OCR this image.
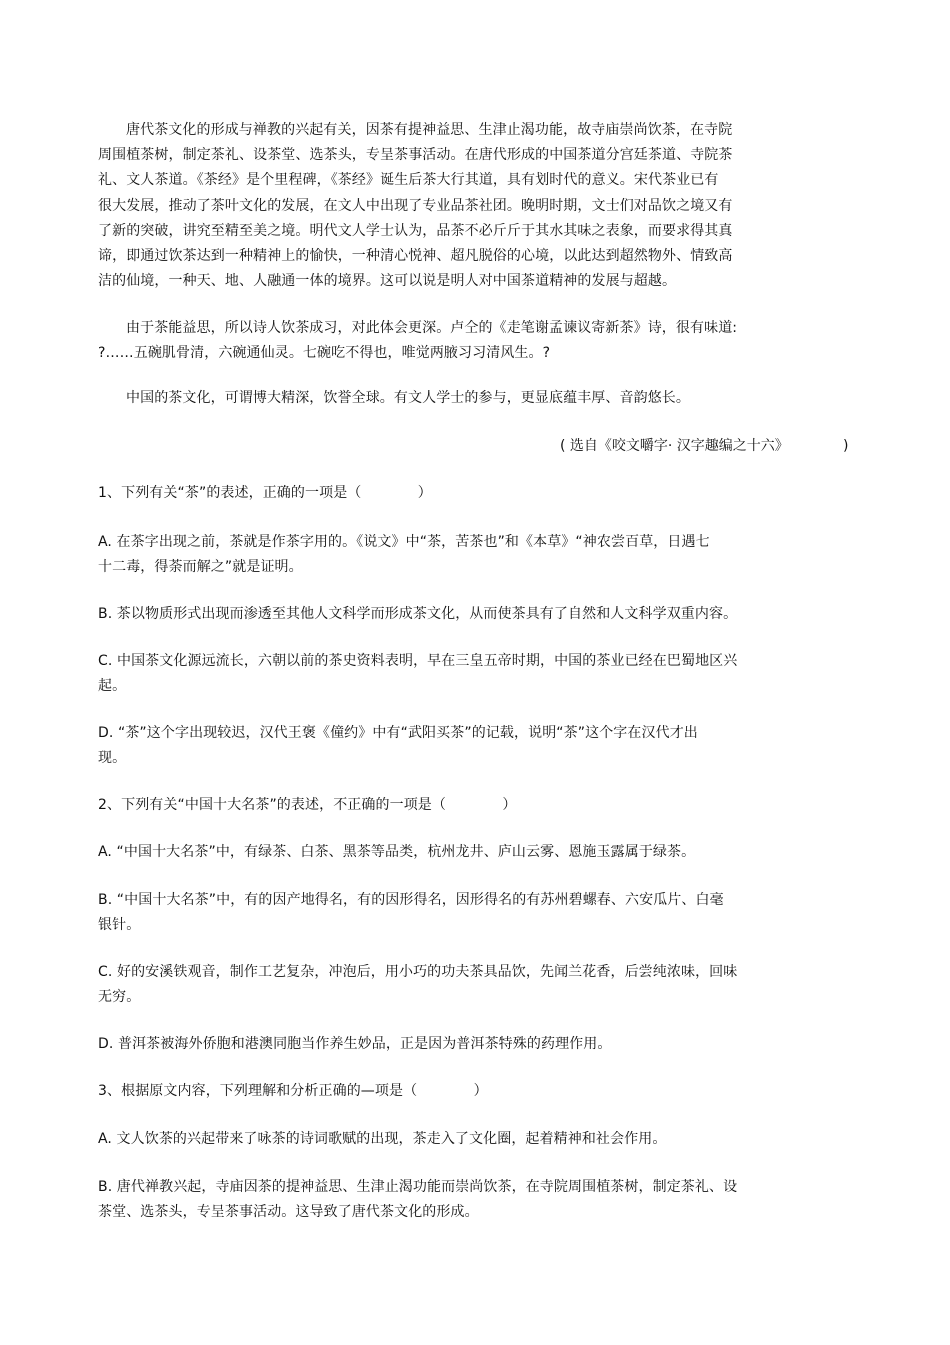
唐代茶文化的形成与禅教的兴起有关，因茶有提神益思、生津止渴功能，故寺庙崇尚饮茶，在寺院
周围植茶树，制定茶礼、设茶堂、选茶头，专呈茶事活动。在唐代形成的中国茶道分宫廷茶道、寺院茶
礼、文人茶道。《茶经》是个里程碑，《茶经》诞生后茶大行其道，具有划时代的意义。宋代茶业已有
很大发展，推动了茶叶文化的发展，在文人中出现了专业品茶社团。晚明时期，文士们对品饮之境又有
了新的突破，讲究至精至美之境。明代文人学士认为，品茶不必斤斤于其水其味之表象，而要求得其真
谛，即通过饮茶达到一种精神上的愉快，一种清心悦神、超凡脱俗的心境，以此达到超然物外、情致高
洁的仙境，一种天、地、人融通一体的境界。这可以说是明人对中国茶道精神的发展与超越。
由于茶能益思，所以诗人饮茶成习，对此体会更深。卢仝的《走笔谢孟谏议寄新茶》诗，很有味道:
?……五碗肌骨清，六碗通仙灵。七碗吃不得也，唯觉两腋习习清风生。?
中国的茶文化，可谓博大精深，饮誉全球。有文人学士的参与，更显底蕴丰厚、音韵悠长。
( 选自《咬文嚼字· 汉字趣编之十六》	)
1、下列有关“茶”的表述，正确的一项是（　　　　）
A. 在茶字出现之前，茶就是作茶字用的。《说文》中“茶，苦茶也”和《本草》“神农尝百草，日遇七
十二毒，得荼而解之”就是证明。
B. 茶以物质形式出现而渗透至其他人文科学而形成茶文化，从而使茶具有了自然和人文科学双重内容。
C. 中国茶文化源远流长，六朝以前的茶史资料表明，早在三皇五帝时期，中国的茶业已经在巴蜀地区兴
起。
D. “茶”这个字出现较迟，汉代王褒《僮约》中有“武阳买茶”的记载，说明“茶”这个字在汉代才出
现。
2、下列有关“中国十大名茶”的表述，不正确的一项是（　　　　）
A. “中国十大名茶”中，有绿茶、白茶、黑茶等品类，杭州龙井、庐山云雾、恩施玉露属于绿茶。
B. “中国十大名茶”中，有的因产地得名，有的因形得名，因形得名的有苏州碧螺春、六安瓜片、白毫
银针。
C. 好的安溪铁观音，制作工艺复杂，冲泡后，用小巧的功夫茶具品饮，先闻兰花香，后尝纯浓味，回味
无穷。
D. 普洱茶被海外侨胞和港澳同胞当作养生妙品，正是因为普洱茶特殊的药理作用。
3、根据原文内容，下列理解和分析正确的—项是（　　　　）
A. 文人饮茶的兴起带来了咏茶的诗词歌赋的出现，茶走入了文化圈，起着精神和社会作用。
B. 唐代禅教兴起，寺庙因茶的提神益思、生津止渴功能而崇尚饮茶，在寺院周围植茶树，制定茶礼、设
茶堂、选茶头，专呈茶事活动。这导致了唐代茶文化的形成。
